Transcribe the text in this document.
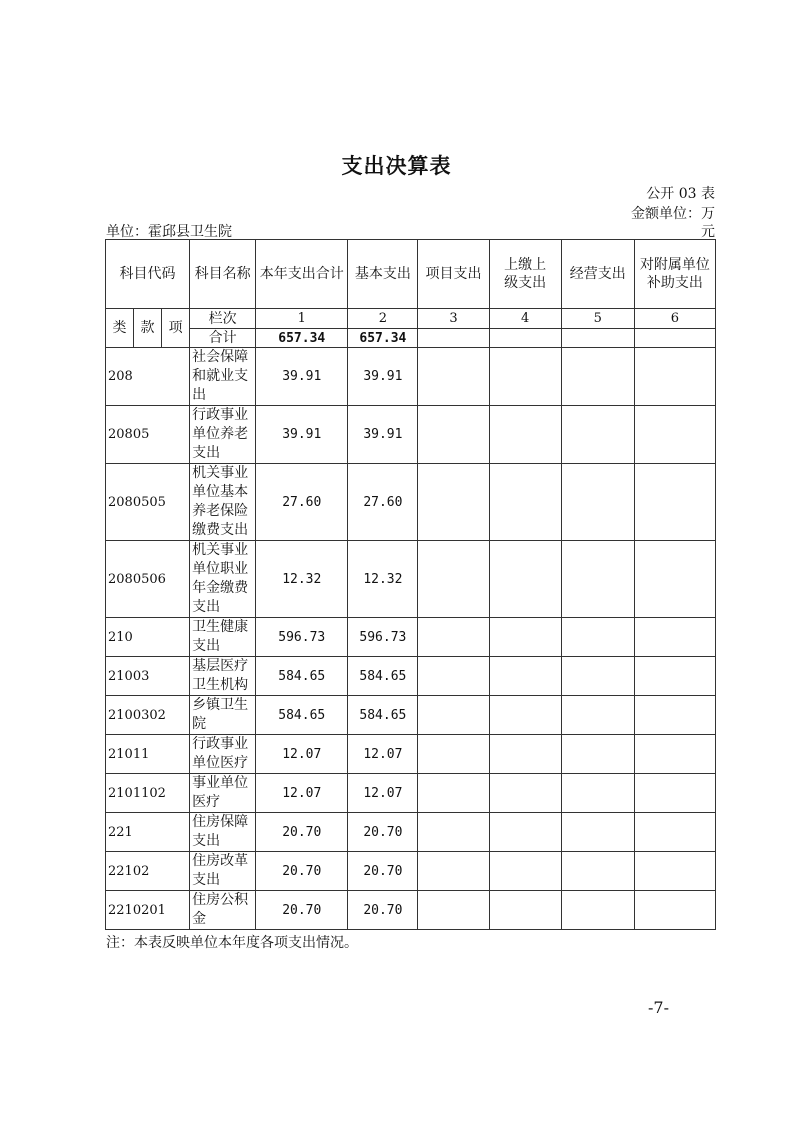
支出决算表
公开 03 表
金额单位：万
元
单位：霍邱县卫生院
科目代码			科目名称	本年支出合计	基本支出	项目支出	上缴上级支出	经营支出	对附属单位补助支出
类	款	项	栏次	1	2	3	4	5	6
			合计	657.34	657.34				
208			社会保障和就业支出	39.91	39.91				
20805			行政事业单位养老支出	39.91	39.91				
2080505			机关事业单位基本养老保险缴费支出	27.60	27.60				
2080506			机关事业单位职业年金缴费支出	12.32	12.32				
210			卫生健康支出	596.73	596.73				
21003			基层医疗卫生机构	584.65	584.65				
2100302			乡镇卫生院	584.65	584.65				
21011			行政事业单位医疗	12.07	12.07				
2101102			事业单位医疗	12.07	12.07				
221			住房保障支出	20.70	20.70				
22102			住房改革支出	20.70	20.70				
2210201			住房公积金	20.70	20.70				
注：本表反映单位本年度各项支出情况。
-7-
